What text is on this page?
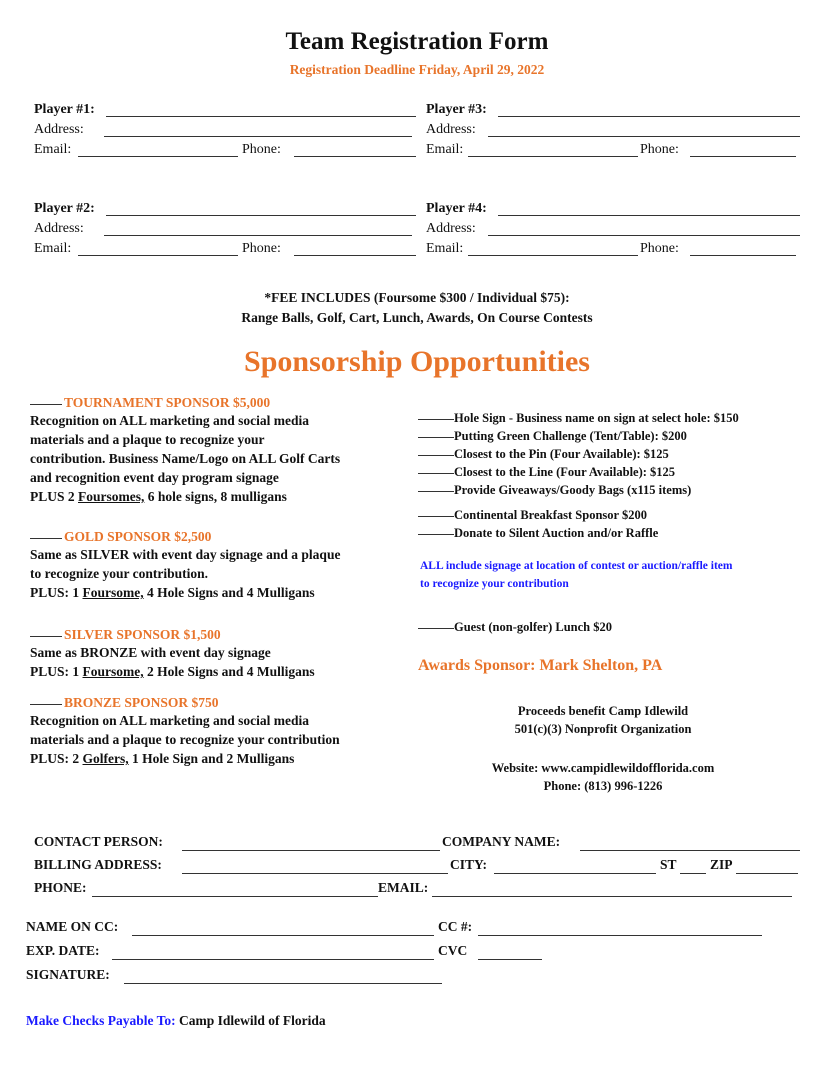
Team Registration Form
Registration Deadline Friday, April 29, 2022
Player #1:
Address:
Email:	Phone:
Player #3:
Address:
Email:	Phone:
Player #2:
Address:
Email:	Phone:
Player #4:
Address:
Email:	Phone:
*FEE INCLUDES (Foursome $300 / Individual $75):
Range Balls, Golf, Cart, Lunch, Awards, On Course Contests
Sponsorship Opportunities
TOURNAMENT SPONSOR $5,000
Recognition on ALL marketing and social media
materials and a plaque to recognize your
contribution. Business Name/Logo on ALL Golf Carts
and recognition event day program signage
PLUS 2 Foursomes, 6 hole signs, 8 mulligans
GOLD SPONSOR $2,500
Same as SILVER with event day signage and a plaque
to recognize your contribution.
PLUS: 1 Foursome, 4 Hole Signs and 4 Mulligans
SILVER SPONSOR $1,500
Same as BRONZE with event day signage
PLUS: 1 Foursome, 2 Hole Signs and 4 Mulligans
BRONZE SPONSOR $750
Recognition on ALL marketing and social media
materials and a plaque to recognize your contribution
PLUS: 2 Golfers, 1 Hole Sign and 2 Mulligans
Hole Sign - Business name on sign at select hole: $150
Putting Green Challenge (Tent/Table): $200
Closest to the Pin (Four Available): $125
Closest to the Line (Four Available): $125
Provide Giveaways/Goody Bags (x115 items)
Continental Breakfast Sponsor $200
Donate to Silent Auction and/or Raffle
ALL include signage at location of contest or auction/raffle item
to recognize your contribution
Guest (non-golfer) Lunch $20
Awards Sponsor: Mark Shelton, PA
Proceeds benefit Camp Idlewild
501(c)(3) Nonprofit Organization
Website: www.campidlewildofflorida.com
Phone: (813) 996-1226
CONTACT PERSON:	COMPANY NAME:
BILLING ADDRESS:	CITY:	ST ZIP
PHONE:	EMAIL:
NAME ON CC:	CC #:
EXP. DATE:	CVC
SIGNATURE:
Make Checks Payable To: Camp Idlewild of Florida
